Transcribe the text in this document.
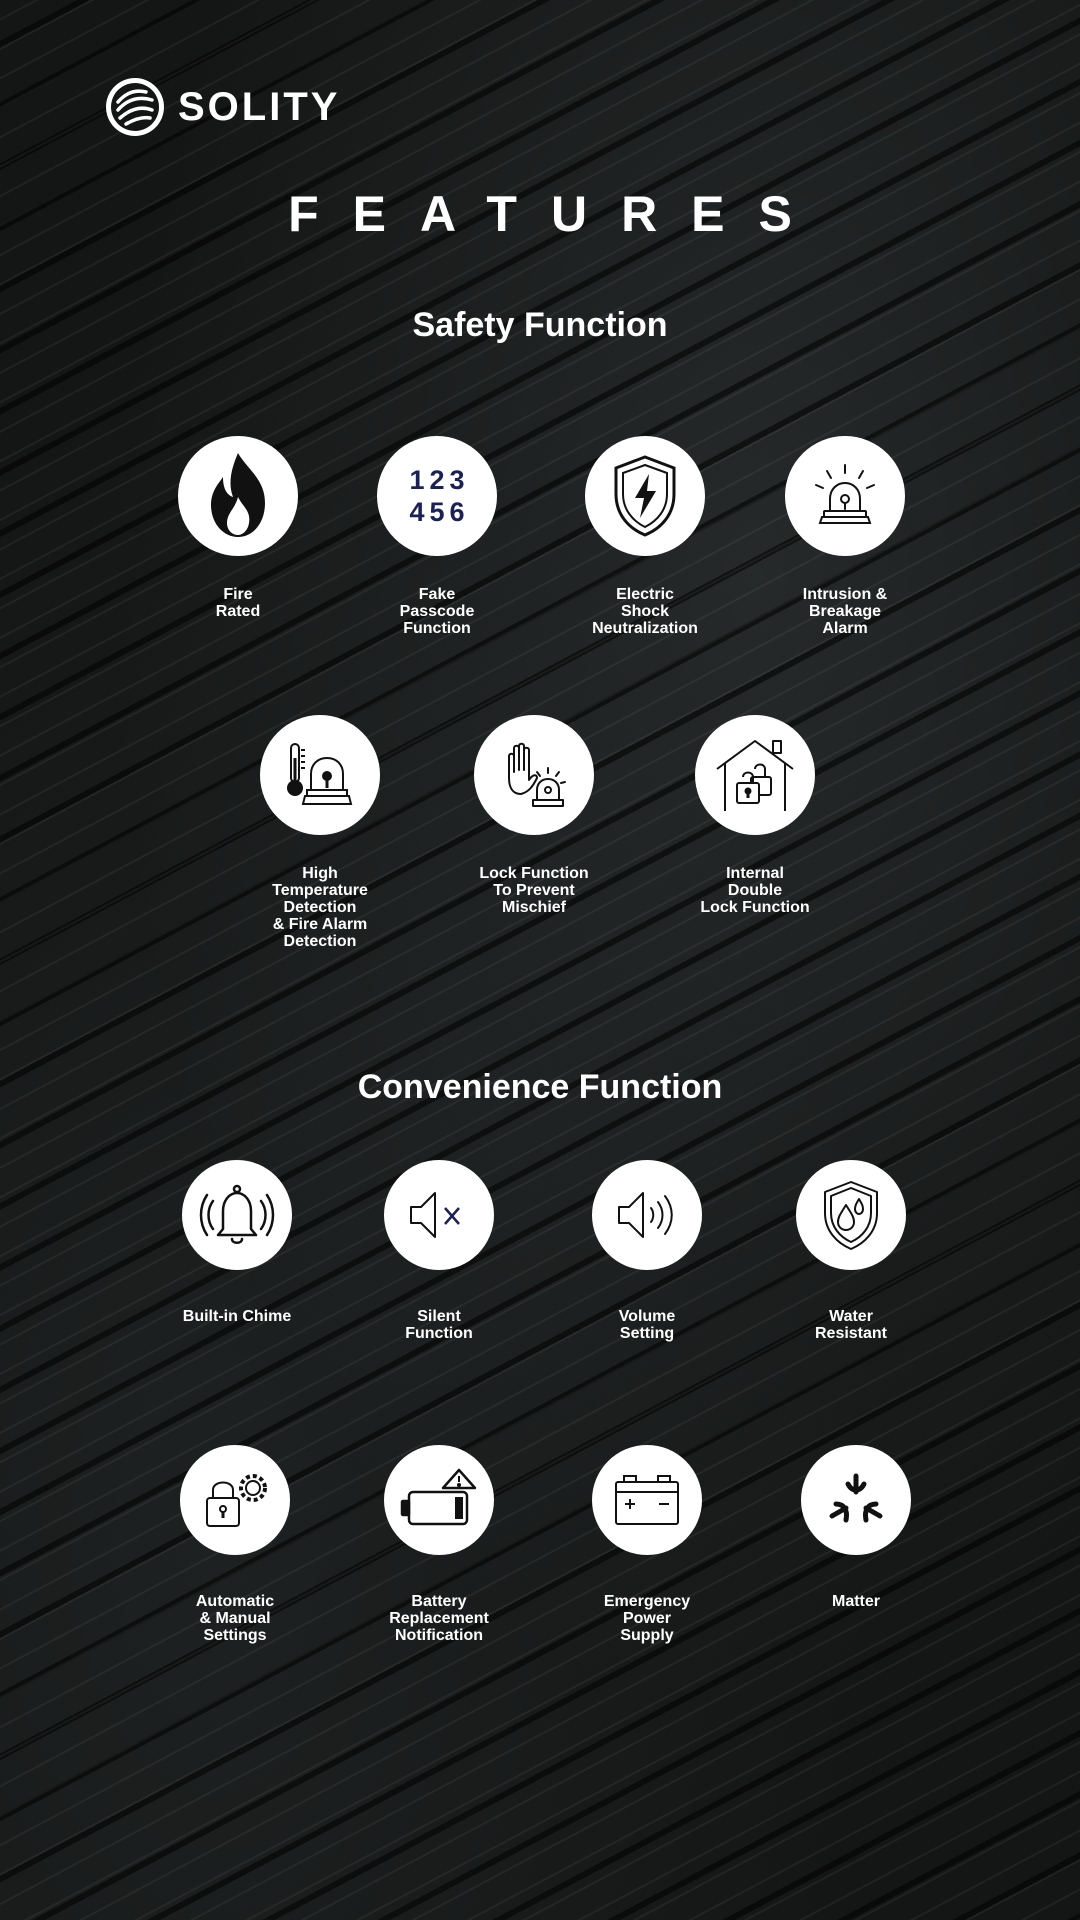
SOLITY
FEATURES
Safety Function
Fire
Rated
123
456
Fake
Passcode
Function
Electric
Shock
Neutralization
Intrusion &
Breakage
Alarm
High
Temperature
Detection
& Fire Alarm
Detection
Lock Function
To Prevent
Mischief
Internal
Double
Lock Function
Convenience Function
Built-in Chime	Silent
Function
Volume
Setting
Water
Resistant
Automatic
& Manual
Settings
Battery
Replacement
Notification
Emergency
Power
Supply
Matter
